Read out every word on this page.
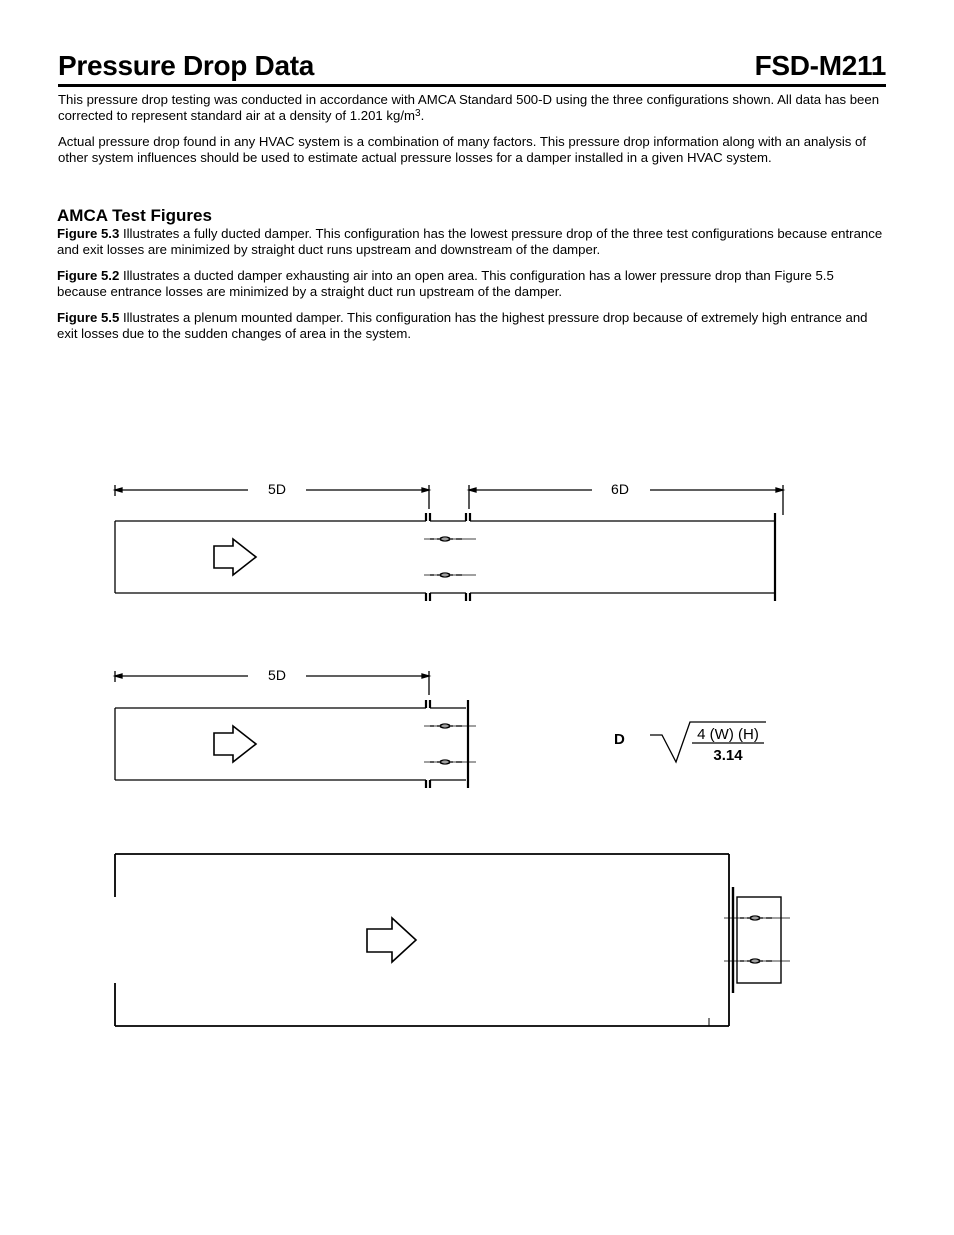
Pressure Drop Data	FSD-M211

This pressure drop testing was conducted in accordance with AMCA Standard 500-D using the three configurations shown. All data has been corrected to represent standard air at a density of 1.201 $kg/m^3$.

Actual pressure drop found in any HVAC system is a combination of many factors. This pressure drop information along with an analysis of other system influences should be used to estimate actual pressure losses for a damper installed in a given HVAC system.

AMCA Test Figures

Figure 5.3 Illustrates a fully ducted damper. This configuration has the lowest pressure drop of the three test configurations because entrance and exit losses are minimized by straight duct runs upstream and downstream of the damper.

Figure 5.2 Illustrates a ducted damper exhausting air into an open area. This configuration has a lower pressure drop than Figure 5.5 because entrance losses are minimized by a straight duct run upstream of the damper.

Figure 5.5 Illustrates a plenum mounted damper. This configuration has the highest pressure drop because of extremely high entrance and exit losses due to the sudden changes of area in the system.

5D	6D
5D
D	4 (W) (H)
3.14
